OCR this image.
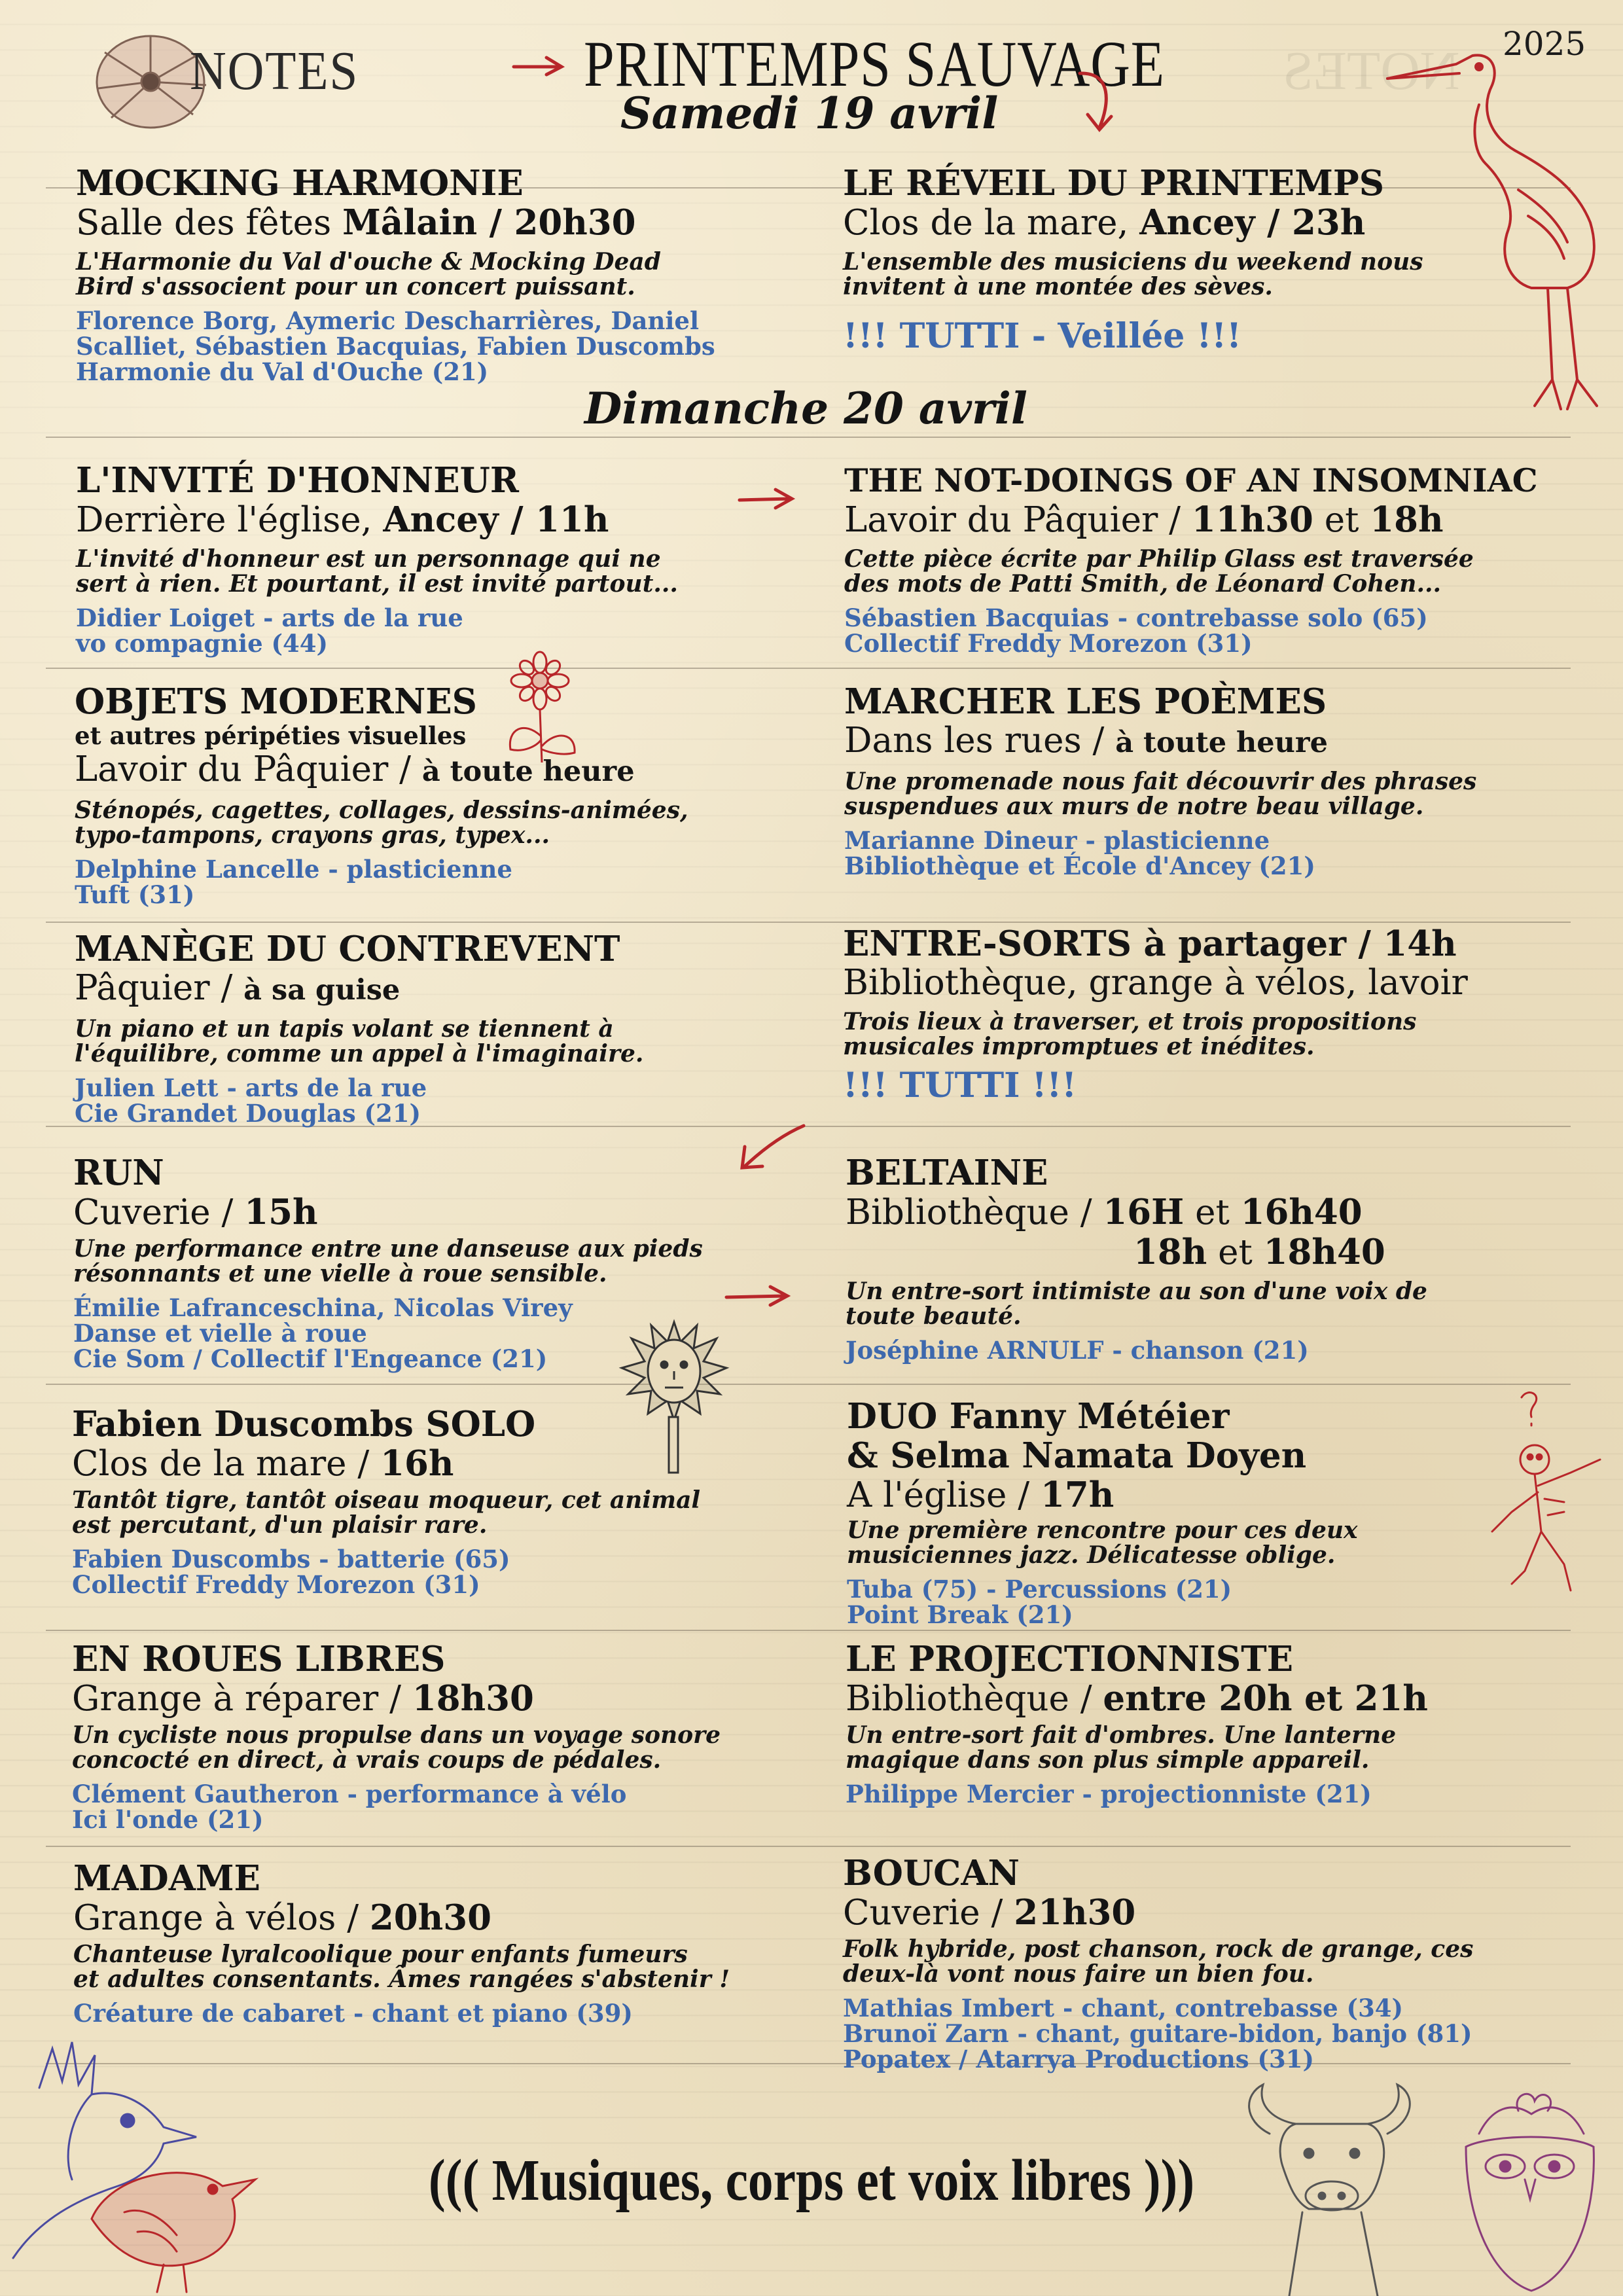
NOTES	NOTES
PRINTEMPS SAUVAGE
Samedi 19 avril
2025
MOCKING HARMONIE
Salle des fêtes Mâlain / 20h30
L'Harmonie du Val d'ouche & Mocking Dead
Bird s'associent pour un concert puissant.
Florence Borg, Aymeric Descharrières, Daniel
Scalliet, Sébastien Bacquias, Fabien Duscombs
Harmonie du Val d'Ouche (21)
LE RÉVEIL DU PRINTEMPS
Clos de la mare, Ancey / 23h
L'ensemble des musiciens du weekend nous
invitent à une montée des sèves.
!!! TUTTI - Veillée !!!
Dimanche 20 avril
L'INVITÉ D'HONNEUR
Derrière l'église, Ancey / 11h
L'invité d'honneur est un personnage qui ne
sert à rien. Et pourtant, il est invité partout...
Didier Loiget - arts de la rue
vo compagnie (44)
THE NOT-DOINGS OF AN INSOMNIAC
Lavoir du Pâquier / 11h30 et 18h
Cette pièce écrite par Philip Glass est traversée
des mots de Patti Smith, de Léonard Cohen...
Sébastien Bacquias - contrebasse solo (65)
Collectif Freddy Morezon (31)
OBJETS MODERNES
et autres péripéties visuelles
Lavoir du Pâquier / à toute heure
Sténopés, cagettes, collages, dessins-animées,
typo-tampons, crayons gras, typex...
Delphine Lancelle - plasticienne
Tuft (31)
MARCHER LES POÈMES
Dans les rues / à toute heure
Une promenade nous fait découvrir des phrases
suspendues aux murs de notre beau village.
Marianne Dineur - plasticienne
Bibliothèque et École d'Ancey (21)
MANÈGE DU CONTREVENT
Pâquier / à sa guise
Un piano et un tapis volant se tiennent à
l'équilibre, comme un appel à l'imaginaire.
Julien Lett - arts de la rue
Cie Grandet Douglas (21)
ENTRE-SORTS à partager / 14h
Bibliothèque, grange à vélos, lavoir
Trois lieux à traverser, et trois propositions
musicales impromptues et inédites.
!!! TUTTI !!!
RUN
Cuverie / 15h
Une performance entre une danseuse aux pieds
résonnants et une vielle à roue sensible.
Émilie Lafranceschina, Nicolas Virey
Danse et vielle à roue
Cie Som / Collectif l'Engeance (21)
BELTAINE
Bibliothèque / 16H et 16h40
18h et 18h40
Un entre-sort intimiste au son d'une voix de
toute beauté.
Joséphine ARNULF - chanson (21)
Fabien Duscombs SOLO
Clos de la mare / 16h
Tantôt tigre, tantôt oiseau moqueur, cet animal
est percutant, d'un plaisir rare.
Fabien Duscombs - batterie (65)
Collectif Freddy Morezon (31)
DUO Fanny Météier
& Selma Namata Doyen
A l'église / 17h
Une première rencontre pour ces deux
musiciennes jazz. Délicatesse oblige.
Tuba (75) - Percussions (21)
Point Break (21)
EN ROUES LIBRES
Grange à réparer / 18h30
Un cycliste nous propulse dans un voyage sonore
concocté en direct, à vrais coups de pédales.
Clément Gautheron - performance à vélo
Ici l'onde (21)
LE PROJECTIONNISTE
Bibliothèque / entre 20h et 21h
Un entre-sort fait d'ombres. Une lanterne
magique dans son plus simple appareil.
Philippe Mercier - projectionniste (21)
MADAME
Grange à vélos / 20h30
Chanteuse lyralcoolique pour enfants fumeurs
et adultes consentants. Âmes rangées s'abstenir !
Créature de cabaret - chant et piano (39)
BOUCAN
Cuverie / 21h30
Folk hybride, post chanson, rock de grange, ces
deux-là vont nous faire un bien fou.
Mathias Imbert - chant, contrebasse (34)
Brunoï Zarn - chant, guitare-bidon, banjo (81)
Popatex / Atarrya Productions (31)
((( Musiques, corps et voix libres )))
